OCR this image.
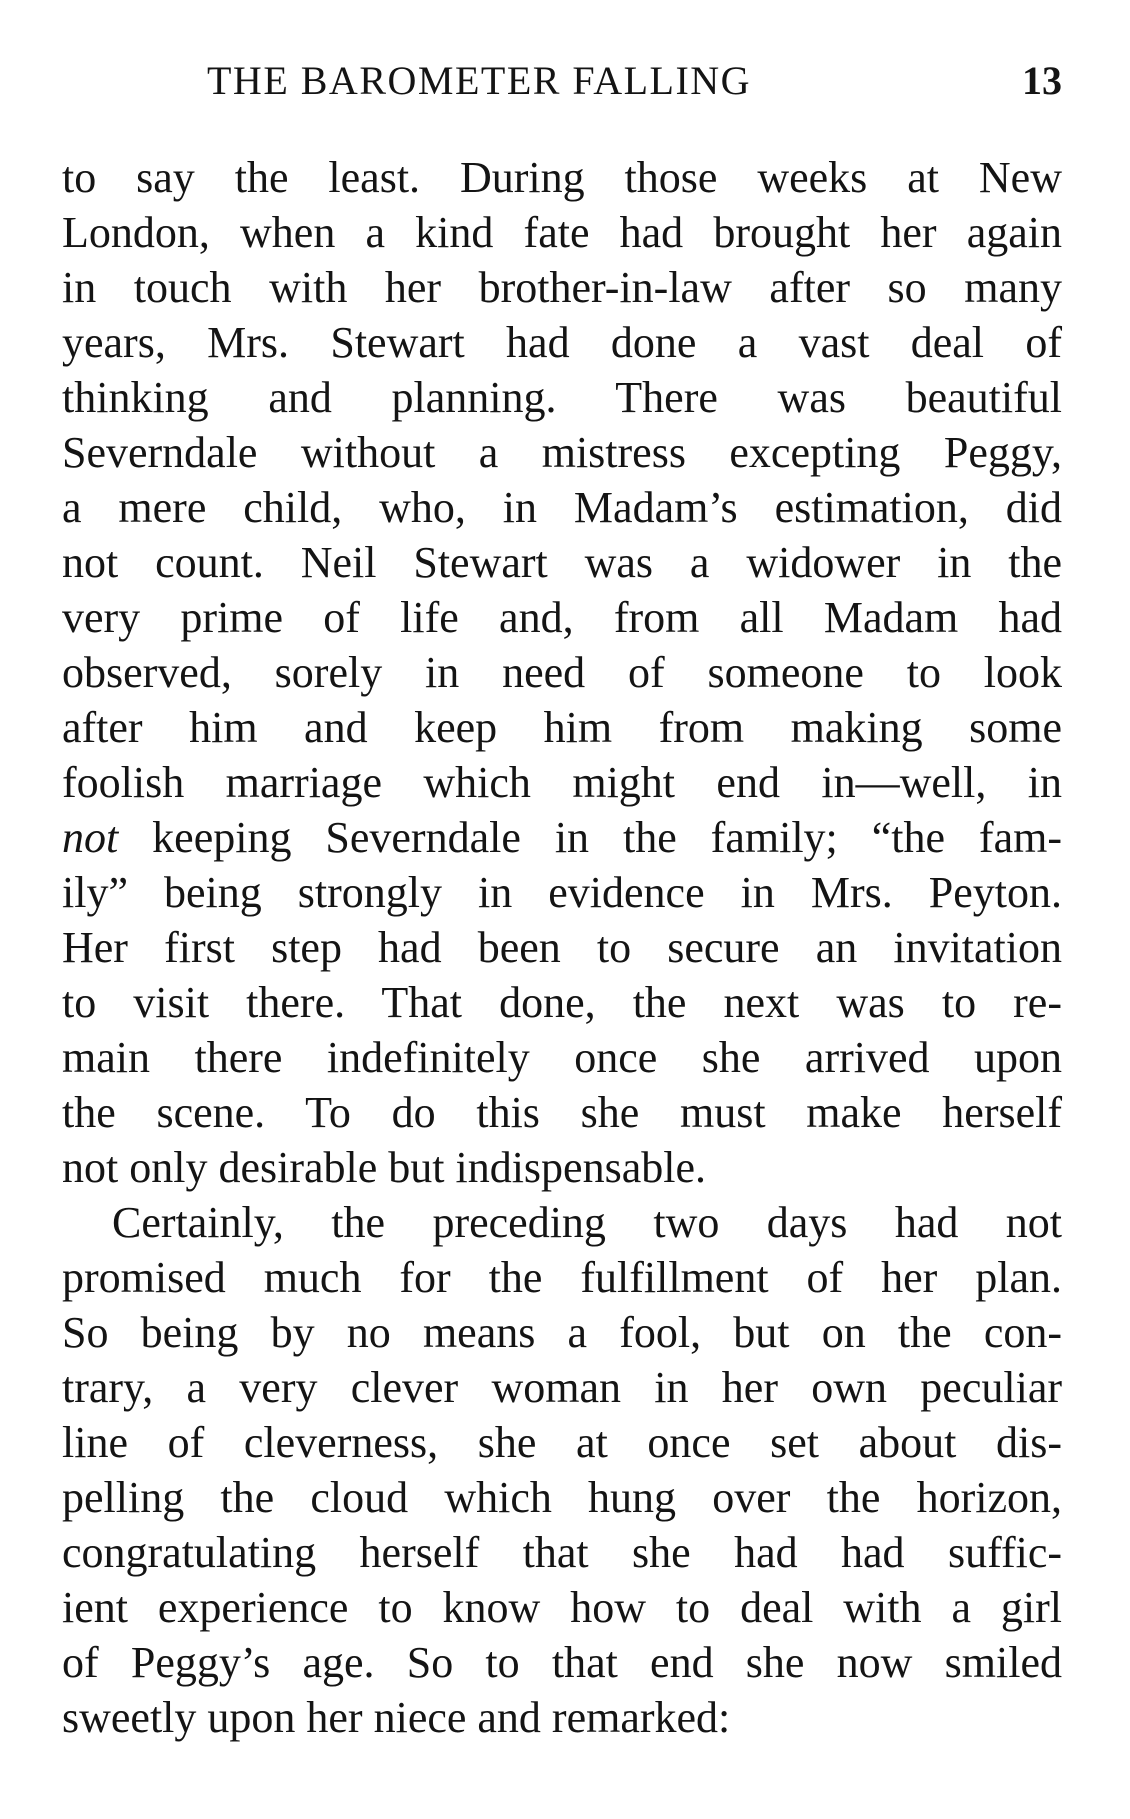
THE BAROMETER FALLING	13
to say the least. During those weeks at New
London, when a kind fate had brought her again
in touch with her brother-in-law after so many
years, Mrs. Stewart had done a vast deal of
thinking and planning. There was beautiful
Severndale without a mistress excepting Peggy,
a mere child, who, in Madam’s estimation, did
not count. Neil Stewart was a widower in the
very prime of life and, from all Madam had
observed, sorely in need of someone to look
after him and keep him from making some
foolish marriage which might end in—well, in
not keeping Severndale in the family; “the fam-
ily” being strongly in evidence in Mrs. Peyton.
Her first step had been to secure an invitation
to visit there. That done, the next was to re-
main there indefinitely once she arrived upon
the scene. To do this she must make herself
not only desirable but indispensable.
Certainly, the preceding two days had not
promised much for the fulfillment of her plan.
So being by no means a fool, but on the con-
trary, a very clever woman in her own peculiar
line of cleverness, she at once set about dis-
pelling the cloud which hung over the horizon,
congratulating herself that she had had suffic-
ient experience to know how to deal with a girl
of Peggy’s age. So to that end she now smiled
sweetly upon her niece and remarked:
